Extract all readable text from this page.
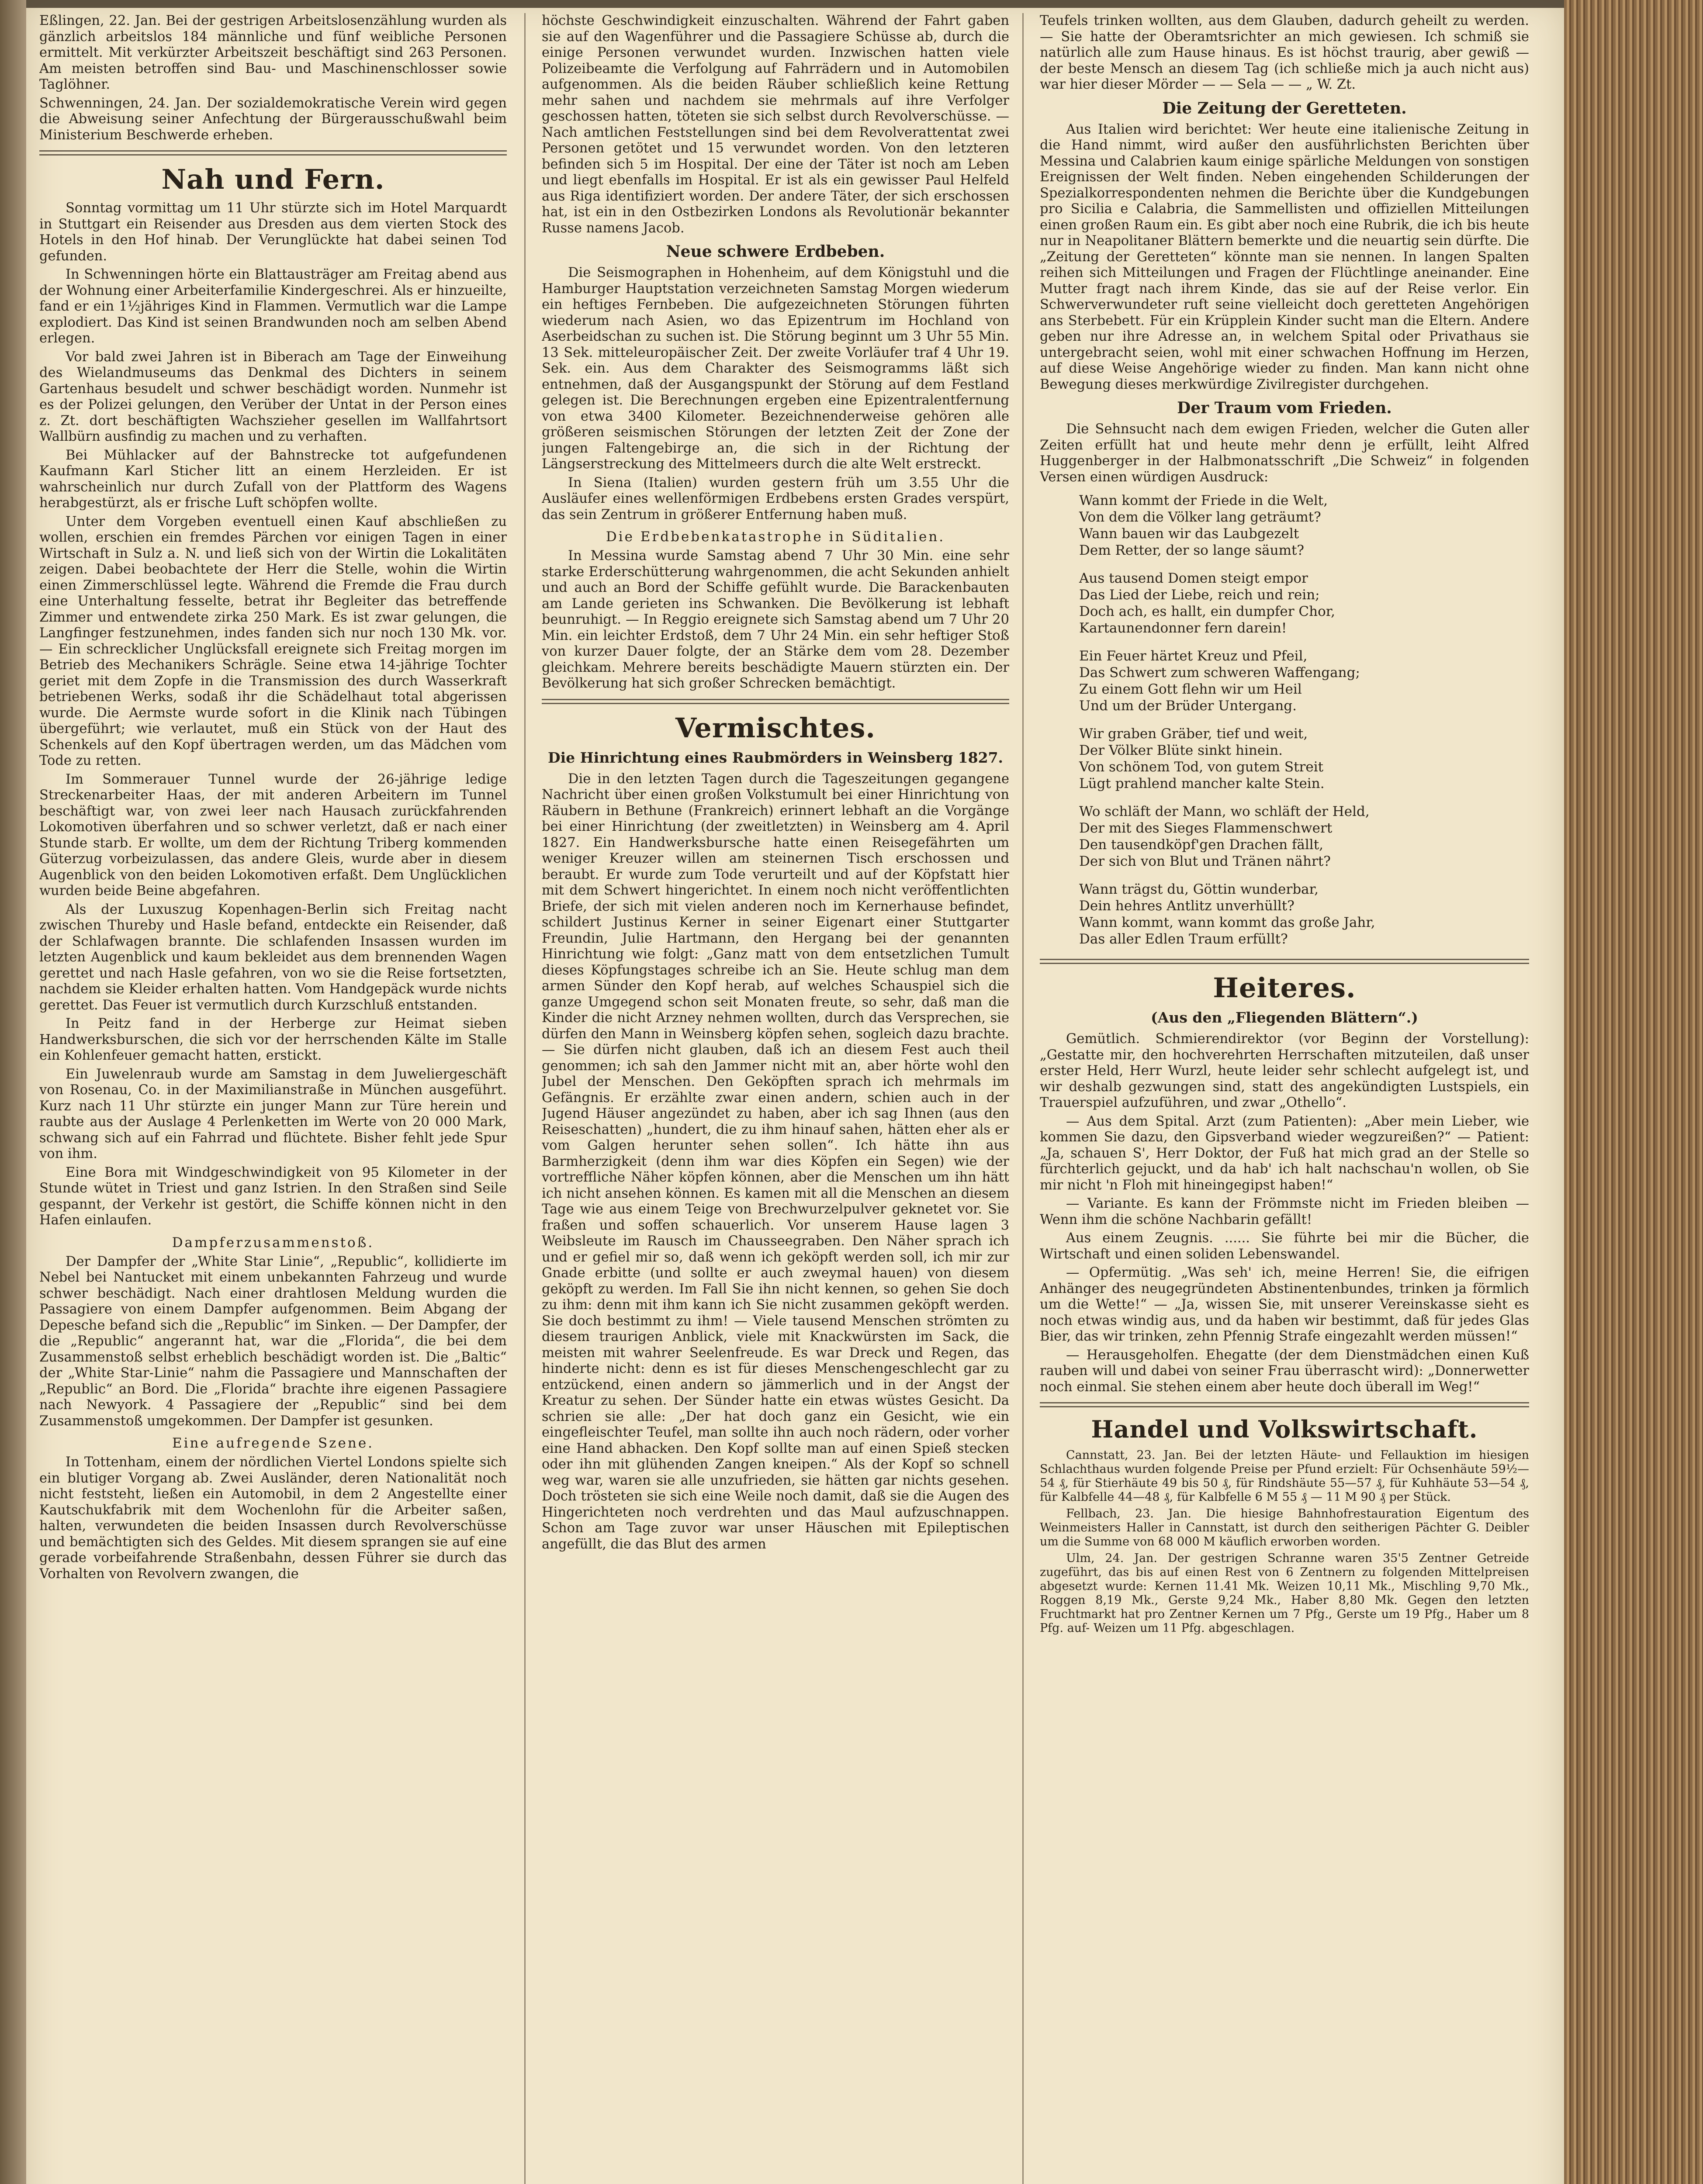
Eßlingen, 22. Jan. Bei der gestrigen Arbeitslosenzählung wurden als gänzlich arbeitslos 184 männliche und fünf weibliche Personen ermittelt. Mit verkürzter Arbeitszeit beschäftigt sind 263 Personen. Am meisten betroffen sind Bau- und Maschinenschlosser sowie Taglöhner.

Schwenningen, 24. Jan. Der sozialdemokratische Verein wird gegen die Abweisung seiner Anfechtung der Bürgerausschußwahl beim Ministerium Beschwerde erheben.

Nah und Fern.

Sonntag vormittag um 11 Uhr stürzte sich im Hotel Marquardt in Stuttgart ein Reisender aus Dresden aus dem vierten Stock des Hotels in den Hof hinab. Der Verunglückte hat dabei seinen Tod gefunden.

In Schwenningen hörte ein Blattausträger am Freitag abend aus der Wohnung einer Arbeiterfamilie Kindergeschrei. Als er hinzueilte, fand er ein 1½jähriges Kind in Flammen. Vermutlich war die Lampe explodiert. Das Kind ist seinen Brandwunden noch am selben Abend erlegen.

Vor bald zwei Jahren ist in Biberach am Tage der Einweihung des Wielandmuseums das Denkmal des Dichters in seinem Gartenhaus besudelt und schwer beschädigt worden. Nunmehr ist es der Polizei gelungen, den Verüber der Untat in der Person eines z. Zt. dort beschäftigten Wachszieher gesellen im Wallfahrtsort Wallbürn ausfindig zu machen und zu verhaften.

Bei Mühlacker auf der Bahnstrecke tot aufgefundenen Kaufmann Karl Sticher litt an einem Herzleiden. Er ist wahrscheinlich nur durch Zufall von der Plattform des Wagens herabgestürzt, als er frische Luft schöpfen wollte.

Unter dem Vorgeben eventuell einen Kauf abschließen zu wollen, erschien ein fremdes Pärchen vor einigen Tagen in einer Wirtschaft in Sulz a. N. und ließ sich von der Wirtin die Lokalitäten zeigen. Dabei beobachtete der Herr die Stelle, wohin die Wirtin einen Zimmerschlüssel legte. Während die Fremde die Frau durch eine Unterhaltung fesselte, betrat ihr Begleiter das betreffende Zimmer und entwendete zirka 250 Mark. Es ist zwar gelungen, die Langfinger festzunehmen, indes fanden sich nur noch 130 Mk. vor. — Ein schrecklicher Unglücksfall ereignete sich Freitag morgen im Betrieb des Mechanikers Schrägle. Seine etwa 14-jährige Tochter geriet mit dem Zopfe in die Transmission des durch Wasserkraft betriebenen Werks, sodaß ihr die Schädelhaut total abgerissen wurde. Die Aermste wurde sofort in die Klinik nach Tübingen übergeführt; wie verlautet, muß ein Stück von der Haut des Schenkels auf den Kopf übertragen werden, um das Mädchen vom Tode zu retten.

Im Sommerauer Tunnel wurde der 26-jährige ledige Streckenarbeiter Haas, der mit anderen Arbeitern im Tunnel beschäftigt war, von zwei leer nach Hausach zurückfahrenden Lokomotiven überfahren und so schwer verletzt, daß er nach einer Stunde starb. Er wollte, um dem der Richtung Triberg kommenden Güterzug vorbeizulassen, das andere Gleis, wurde aber in diesem Augenblick von den beiden Lokomotiven erfaßt. Dem Unglücklichen wurden beide Beine abgefahren.

Als der Luxuszug Kopenhagen-Berlin sich Freitag nacht zwischen Thureby und Hasle befand, entdeckte ein Reisender, daß der Schlafwagen brannte. Die schlafenden Insassen wurden im letzten Augenblick und kaum bekleidet aus dem brennenden Wagen gerettet und nach Hasle gefahren, von wo sie die Reise fortsetzten, nachdem sie Kleider erhalten hatten. Vom Handgepäck wurde nichts gerettet. Das Feuer ist vermutlich durch Kurzschluß entstanden.

In Peitz fand in der Herberge zur Heimat sieben Handwerksburschen, die sich vor der herrschenden Kälte im Stalle ein Kohlenfeuer gemacht hatten, erstickt.

Ein Juwelenraub wurde am Samstag in dem Juweliergeschäft von Rosenau, Co. in der Maximilianstraße in München ausgeführt. Kurz nach 11 Uhr stürzte ein junger Mann zur Türe herein und raubte aus der Auslage 4 Perlenketten im Werte von 20 000 Mark, schwang sich auf ein Fahrrad und flüchtete. Bisher fehlt jede Spur von ihm.

Eine Bora mit Windgeschwindigkeit von 95 Kilometer in der Stunde wütet in Triest und ganz Istrien. In den Straßen sind Seile gespannt, der Verkehr ist gestört, die Schiffe können nicht in den Hafen einlaufen.

Dampferzusammenstoß.

Der Dampfer der „White Star Linie“, „Republic“, kollidierte im Nebel bei Nantucket mit einem unbekannten Fahrzeug und wurde schwer beschädigt. Nach einer drahtlosen Meldung wurden die Passagiere von einem Dampfer aufgenommen. Beim Abgang der Depesche befand sich die „Republic“ im Sinken. — Der Dampfer, der die „Republic“ angerannt hat, war die „Florida“, die bei dem Zusammenstoß selbst erheblich beschädigt worden ist. Die „Baltic“ der „White Star-Linie“ nahm die Passagiere und Mannschaften der „Republic“ an Bord. Die „Florida“ brachte ihre eigenen Passagiere nach Newyork. 4 Passagiere der „Republic“ sind bei dem Zusammenstoß umgekommen. Der Dampfer ist gesunken.

Eine aufregende Szene.

In Tottenham, einem der nördlichen Viertel Londons spielte sich ein blutiger Vorgang ab. Zwei Ausländer, deren Nationalität noch nicht feststeht, ließen ein Automobil, in dem 2 Angestellte einer Kautschukfabrik mit dem Wochenlohn für die Arbeiter saßen, halten, verwundeten die beiden Insassen durch Revolverschüsse und bemächtigten sich des Geldes. Mit diesem sprangen sie auf eine gerade vorbeifahrende Straßenbahn, dessen Führer sie durch das Vorhalten von Revolvern zwangen, die

höchste Geschwindigkeit einzuschalten. Während der Fahrt gaben sie auf den Wagenführer und die Passagiere Schüsse ab, durch die einige Personen verwundet wurden. Inzwischen hatten viele Polizeibeamte die Verfolgung auf Fahrrädern und in Automobilen aufgenommen. Als die beiden Räuber schließlich keine Rettung mehr sahen und nachdem sie mehrmals auf ihre Verfolger geschossen hatten, töteten sie sich selbst durch Revolverschüsse. — Nach amtlichen Feststellungen sind bei dem Revolverattentat zwei Personen getötet und 15 verwundet worden. Von den letzteren befinden sich 5 im Hospital. Der eine der Täter ist noch am Leben und liegt ebenfalls im Hospital. Er ist als ein gewisser Paul Helfeld aus Riga identifiziert worden. Der andere Täter, der sich erschossen hat, ist ein in den Ostbezirken Londons als Revolutionär bekannter Russe namens Jacob.

Neue schwere Erdbeben.

Die Seismographen in Hohenheim, auf dem Königstuhl und die Hamburger Hauptstation verzeichneten Samstag Morgen wiederum ein heftiges Fernbeben. Die aufgezeichneten Störungen führten wiederum nach Asien, wo das Epizentrum im Hochland von Aserbeidschan zu suchen ist. Die Störung beginnt um 3 Uhr 55 Min. 13 Sek. mitteleuropäischer Zeit. Der zweite Vorläufer traf 4 Uhr 19. Sek. ein. Aus dem Charakter des Seismogramms läßt sich entnehmen, daß der Ausgangspunkt der Störung auf dem Festland gelegen ist. Die Berechnungen ergeben eine Epizentralentfernung von etwa 3400 Kilometer. Bezeichnenderweise gehören alle größeren seismischen Störungen der letzten Zeit der Zone der jungen Faltengebirge an, die sich in der Richtung der Längserstreckung des Mittelmeers durch die alte Welt erstreckt.

In Siena (Italien) wurden gestern früh um 3.55 Uhr die Ausläufer eines wellenförmigen Erdbebens ersten Grades verspürt, das sein Zentrum in größerer Entfernung haben muß.

Die Erdbebenkatastrophe in Süditalien.

In Messina wurde Samstag abend 7 Uhr 30 Min. eine sehr starke Erderschütterung wahrgenommen, die acht Sekunden anhielt und auch an Bord der Schiffe gefühlt wurde. Die Barackenbauten am Lande gerieten ins Schwanken. Die Bevölkerung ist lebhaft beunruhigt. — In Reggio ereignete sich Samstag abend um 7 Uhr 20 Min. ein leichter Erdstoß, dem 7 Uhr 24 Min. ein sehr heftiger Stoß von kurzer Dauer folgte, der an Stärke dem vom 28. Dezember gleichkam. Mehrere bereits beschädigte Mauern stürzten ein. Der Bevölkerung hat sich großer Schrecken bemächtigt.

Vermischtes.
Die Hinrichtung eines Raubmörders in Weinsberg 1827.

Die in den letzten Tagen durch die Tageszeitungen gegangene Nachricht über einen großen Volkstumult bei einer Hinrichtung von Räubern in Bethune (Frankreich) erinnert lebhaft an die Vorgänge bei einer Hinrichtung (der zweitletzten) in Weinsberg am 4. April 1827. Ein Handwerksbursche hatte einen Reisegefährten um weniger Kreuzer willen am steinernen Tisch erschossen und beraubt. Er wurde zum Tode verurteilt und auf der Köpfstatt hier mit dem Schwert hingerichtet. In einem noch nicht veröffentlichten Briefe, der sich mit vielen anderen noch im Kernerhause befindet, schildert Justinus Kerner in seiner Eigenart einer Stuttgarter Freundin, Julie Hartmann, den Hergang bei der genannten Hinrichtung wie folgt: „Ganz matt von dem entsetzlichen Tumult dieses Köpfungstages schreibe ich an Sie. Heute schlug man dem armen Sünder den Kopf herab, auf welches Schauspiel sich die ganze Umgegend schon seit Monaten freute, so sehr, daß man die Kinder die nicht Arzney nehmen wollten, durch das Versprechen, sie dürfen den Mann in Weinsberg köpfen sehen, sogleich dazu brachte. — Sie dürfen nicht glauben, daß ich an diesem Fest auch theil genommen; ich sah den Jammer nicht mit an, aber hörte wohl den Jubel der Menschen. Den Geköpften sprach ich mehrmals im Gefängnis. Er erzählte zwar einen andern, schien auch in der Jugend Häuser angezündet zu haben, aber ich sag Ihnen (aus den Reiseschatten) „hundert, die zu ihm hinauf sahen, hätten eher als er vom Galgen herunter sehen sollen“. Ich hätte ihn aus Barmherzigkeit (denn ihm war dies Köpfen ein Segen) wie der vortreffliche Näher köpfen können, aber die Menschen um ihn hätt ich nicht ansehen können. Es kamen mit all die Menschen an diesem Tage wie aus einem Teige von Brechwurzelpulver geknetet vor. Sie fraßen und soffen schauerlich. Vor unserem Hause lagen 3 Weibsleute im Rausch im Chausseegraben. Den Näher sprach ich und er gefiel mir so, daß wenn ich geköpft werden soll, ich mir zur Gnade erbitte (und sollte er auch zweymal hauen) von diesem geköpft zu werden. Im Fall Sie ihn nicht kennen, so gehen Sie doch zu ihm: denn mit ihm kann ich Sie nicht zusammen geköpft werden. Sie doch bestimmt zu ihm! — Viele tausend Menschen strömten zu diesem traurigen Anblick, viele mit Knackwürsten im Sack, die meisten mit wahrer Seelenfreude. Es war Dreck und Regen, das hinderte nicht: denn es ist für dieses Menschengeschlecht gar zu entzückend, einen andern so jämmerlich und in der Angst der Kreatur zu sehen. Der Sünder hatte ein etwas wüstes Gesicht. Da schrien sie alle: „Der hat doch ganz ein Gesicht, wie ein eingefleischter Teufel, man sollte ihn auch noch rädern, oder vorher eine Hand abhacken. Den Kopf sollte man auf einen Spieß stecken oder ihn mit glühenden Zangen kneipen.“ Als der Kopf so schnell weg war, waren sie alle unzufrieden, sie hätten gar nichts gesehen. Doch trösteten sie sich eine Weile noch damit, daß sie die Augen des Hingerichteten noch verdrehten und das Maul aufzuschnappen. Schon am Tage zuvor war unser Häuschen mit Epileptischen angefüllt, die das Blut des armen

Teufels trinken wollten, aus dem Glauben, dadurch geheilt zu werden. — Sie hatte der Oberamtsrichter an mich gewiesen. Ich schmiß sie natürlich alle zum Hause hinaus. Es ist höchst traurig, aber gewiß — der beste Mensch an diesem Tag (ich schließe mich ja auch nicht aus) war hier dieser Mörder — — Sela — — „ W. Zt.

Die Zeitung der Geretteten.

Aus Italien wird berichtet: Wer heute eine italienische Zeitung in die Hand nimmt, wird außer den ausführlichsten Berichten über Messina und Calabrien kaum einige spärliche Meldungen von sonstigen Ereignissen der Welt finden. Neben eingehenden Schilderungen der Spezialkorrespondenten nehmen die Berichte über die Kundgebungen pro Sicilia e Calabria, die Sammellisten und offiziellen Mitteilungen einen großen Raum ein. Es gibt aber noch eine Rubrik, die ich bis heute nur in Neapolitaner Blättern bemerkte und die neuartig sein dürfte. Die „Zeitung der Geretteten“ könnte man sie nennen. In langen Spalten reihen sich Mitteilungen und Fragen der Flüchtlinge aneinander. Eine Mutter fragt nach ihrem Kinde, das sie auf der Reise verlor. Ein Schwerverwundeter ruft seine vielleicht doch geretteten Angehörigen ans Sterbebett. Für ein Krüpplein Kinder sucht man die Eltern. Andere geben nur ihre Adresse an, in welchem Spital oder Privathaus sie untergebracht seien, wohl mit einer schwachen Hoffnung im Herzen, auf diese Weise Angehörige wieder zu finden. Man kann nicht ohne Bewegung dieses merkwürdige Zivilregister durchgehen.

Der Traum vom Frieden.

Die Sehnsucht nach dem ewigen Frieden, welcher die Guten aller Zeiten erfüllt hat und heute mehr denn je erfüllt, leiht Alfred Huggenberger in der Halbmonatsschrift „Die Schweiz“ in folgenden Versen einen würdigen Ausdruck:

Wann kommt der Friede in die Welt,
Von dem die Völker lang geträumt?
Wann bauen wir das Laubgezelt
Dem Retter, der so lange säumt?
Aus tausend Domen steigt empor
Das Lied der Liebe, reich und rein;
Doch ach, es hallt, ein dumpfer Chor,
Kartaunendonner fern darein!
Ein Feuer härtet Kreuz und Pfeil,
Das Schwert zum schweren Waffengang;
Zu einem Gott flehn wir um Heil
Und um der Brüder Untergang.
Wir graben Gräber, tief und weit,
Der Völker Blüte sinkt hinein.
Von schönem Tod, von gutem Streit
Lügt prahlend mancher kalte Stein.
Wo schläft der Mann, wo schläft der Held,
Der mit des Sieges Flammenschwert
Den tausendköpf'gen Drachen fällt,
Der sich von Blut und Tränen nährt?
Wann trägst du, Göttin wunderbar,
Dein hehres Antlitz unverhüllt?
Wann kommt, wann kommt das große Jahr,
Das aller Edlen Traum erfüllt?
Heiteres.
(Aus den „Fliegenden Blättern“.)

Gemütlich. Schmierendirektor (vor Beginn der Vorstellung): „Gestatte mir, den hochverehrten Herrschaften mitzuteilen, daß unser erster Held, Herr Wurzl, heute leider sehr schlecht aufgelegt ist, und wir deshalb gezwungen sind, statt des angekündigten Lustspiels, ein Trauerspiel aufzuführen, und zwar „Othello“.

— Aus dem Spital. Arzt (zum Patienten): „Aber mein Lieber, wie kommen Sie dazu, den Gipsverband wieder wegzureißen?“ — Patient: „Ja, schauen S', Herr Doktor, der Fuß hat mich grad an der Stelle so fürchterlich gejuckt, und da hab' ich halt nachschau'n wollen, ob Sie mir nicht 'n Floh mit hineingegipst haben!“

— Variante. Es kann der Frömmste nicht im Frieden bleiben — Wenn ihm die schöne Nachbarin gefällt!

Aus einem Zeugnis. ...... Sie führte bei mir die Bücher, die Wirtschaft und einen soliden Lebenswandel.

— Opfermütig. „Was seh' ich, meine Herren! Sie, die eifrigen Anhänger des neugegründeten Abstinentenbundes, trinken ja förmlich um die Wette!“ — „Ja, wissen Sie, mit unserer Vereinskasse sieht es noch etwas windig aus, und da haben wir bestimmt, daß für jedes Glas Bier, das wir trinken, zehn Pfennig Strafe eingezahlt werden müssen!“

— Herausgeholfen. Ehegatte (der dem Dienstmädchen einen Kuß rauben will und dabei von seiner Frau überrascht wird): „Donnerwetter noch einmal. Sie stehen einem aber heute doch überall im Weg!“

Handel und Volkswirtschaft.

Cannstatt, 23. Jan. Bei der letzten Häute- und Fellauktion im hiesigen Schlachthaus wurden folgende Preise per Pfund erzielt: Für Ochsenhäute 59½—54 ₰, für Stierhäute 49 bis 50 ₰, für Rindshäute 55—57 ₰, für Kuhhäute 53—54 ₰, für Kalbfelle 44—48 ₰, für Kalbfelle 6 M 55 ₰ — 11 M 90 ₰ per Stück.

Fellbach, 23. Jan. Die hiesige Bahnhofrestauration Eigentum des Weinmeisters Haller in Cannstatt, ist durch den seitherigen Pächter G. Deibler um die Summe von 68 000 M käuflich erworben worden.

Ulm, 24. Jan. Der gestrigen Schranne waren 35'5 Zentner Getreide zugeführt, das bis auf einen Rest von 6 Zentnern zu folgenden Mittelpreisen abgesetzt wurde: Kernen 11.41 Mk. Weizen 10,11 Mk., Mischling 9,70 Mk., Roggen 8,19 Mk., Gerste 9,24 Mk., Haber 8,80 Mk. Gegen den letzten Fruchtmarkt hat pro Zentner Kernen um 7 Pfg., Gerste um 19 Pfg., Haber um 8 Pfg. auf- Weizen um 11 Pfg. abgeschlagen.
